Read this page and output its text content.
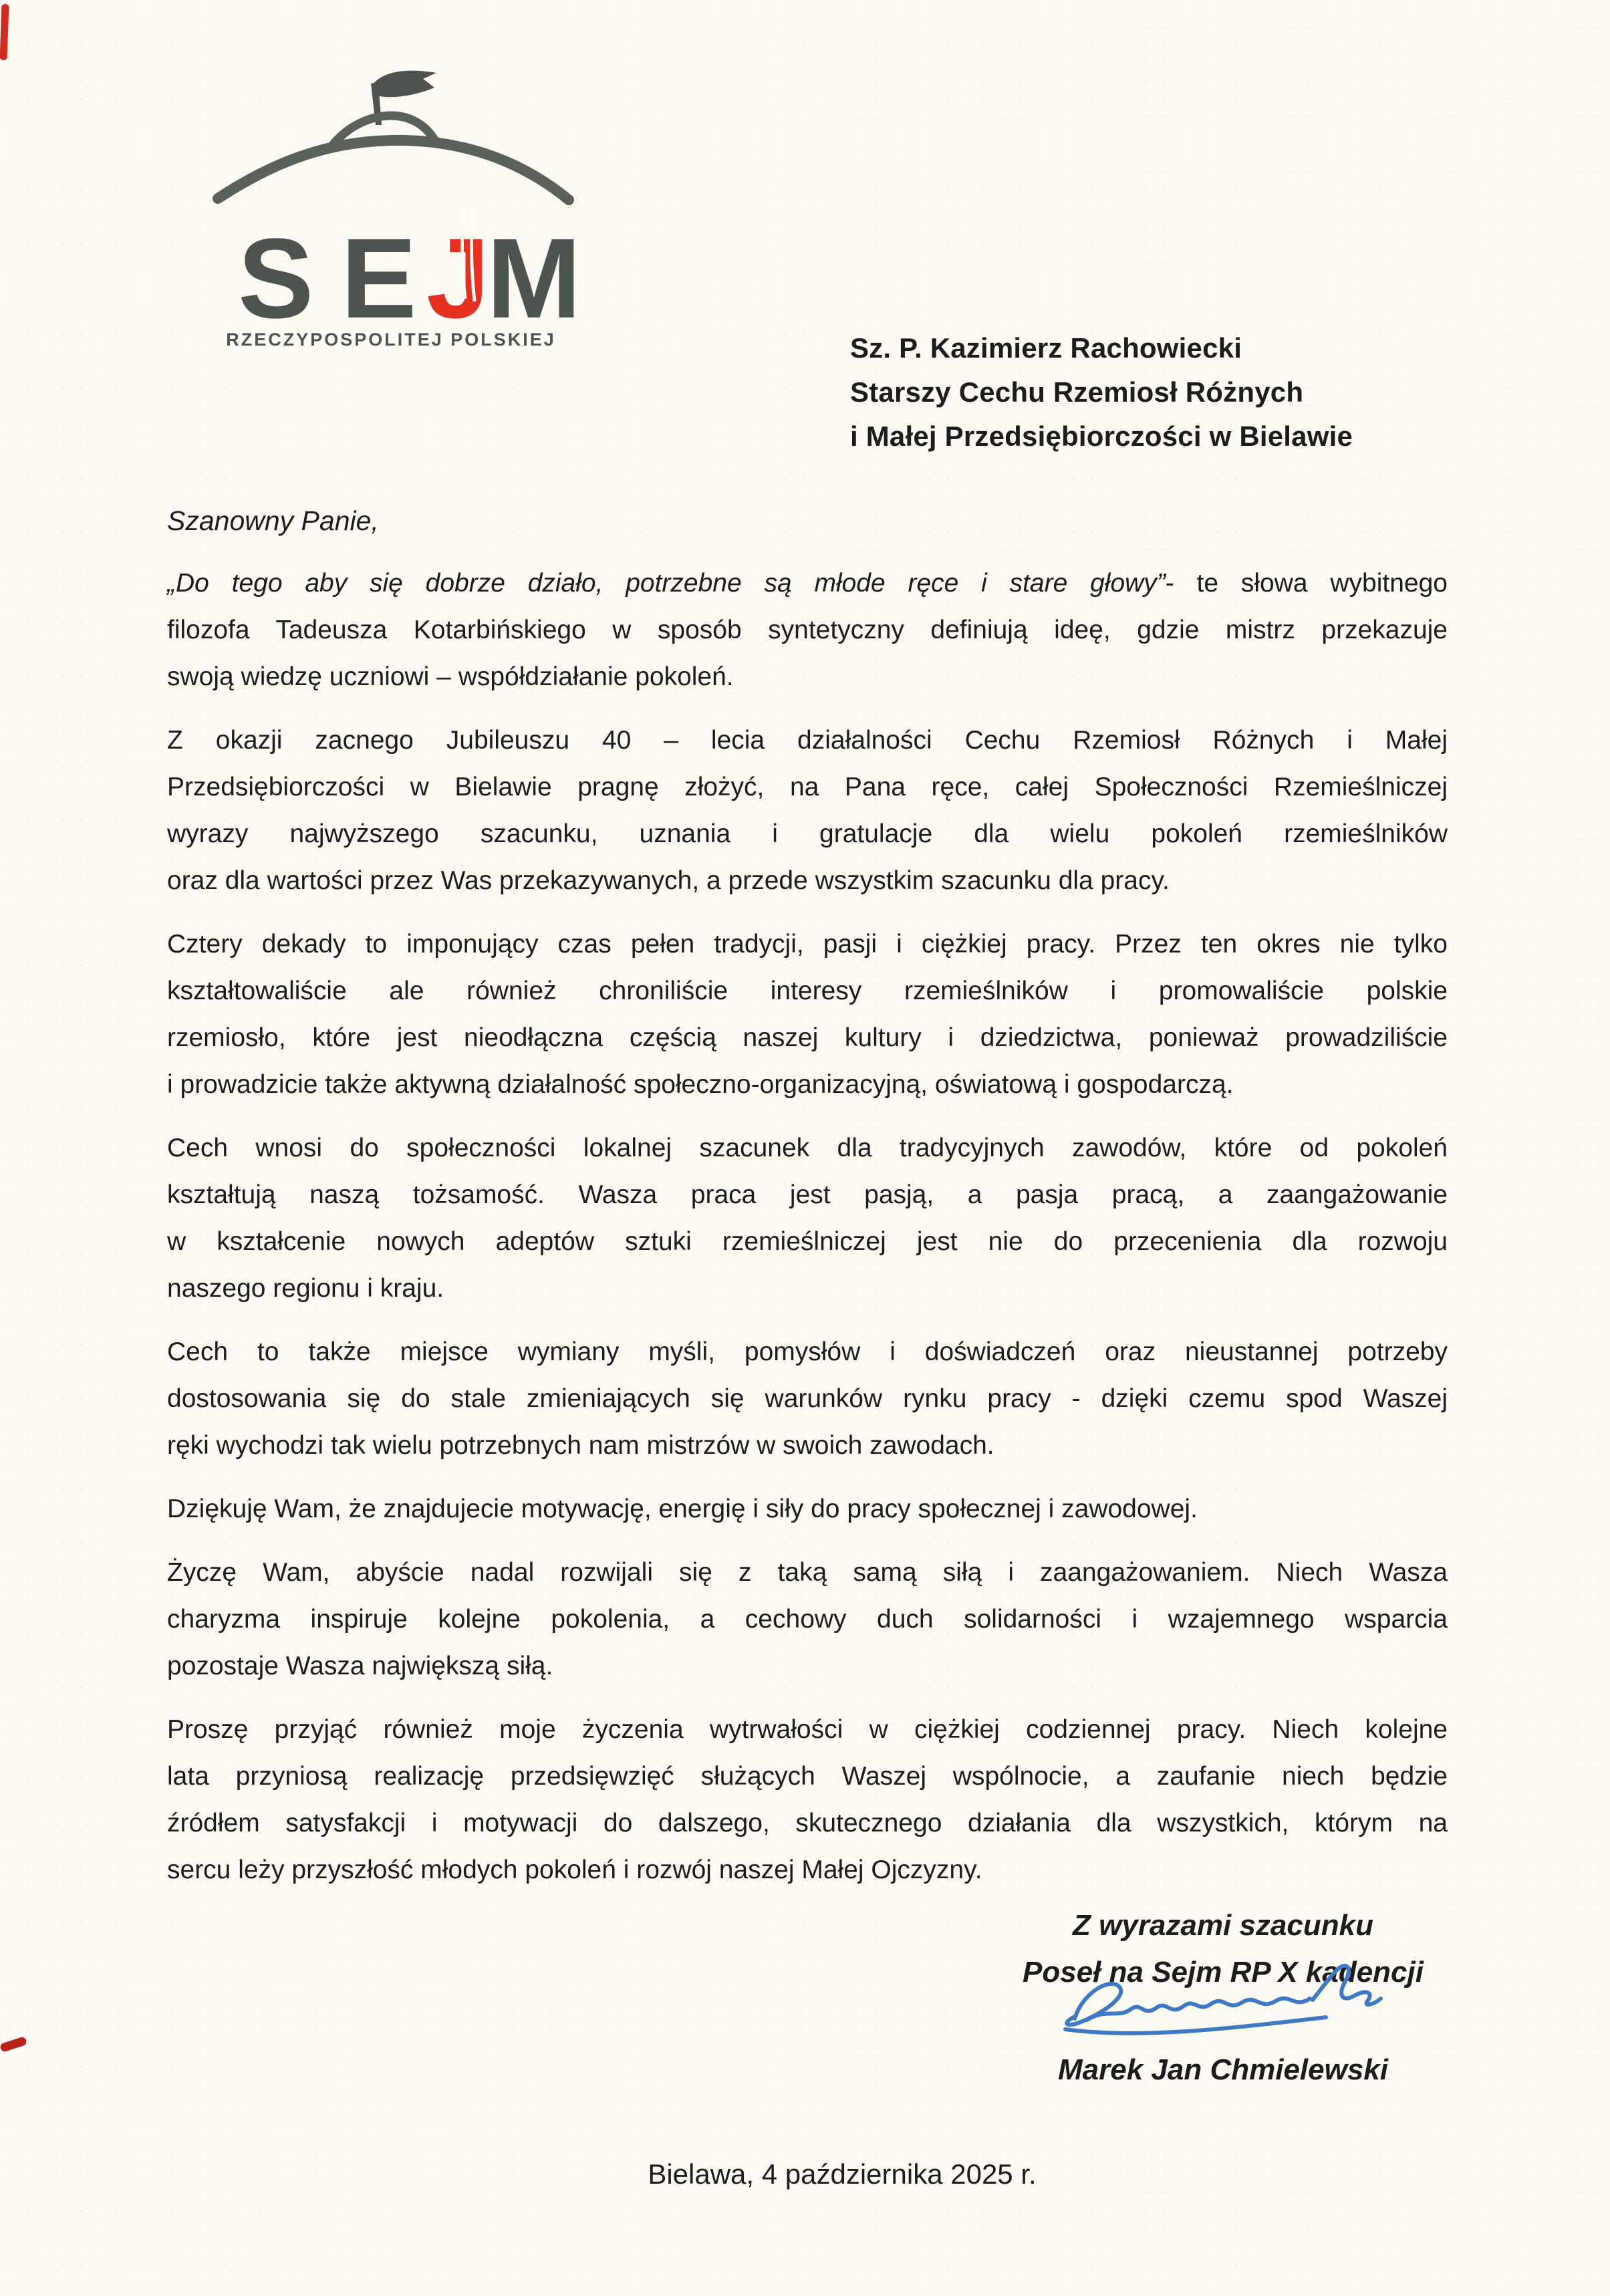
S E J
M
RZECZYPOSPOLITEJ POLSKIEJ	Sz. P. Kazimierz Rachowiecki
Starszy Cechu Rzemiosł Różnych
i Małej Przedsiębiorczości w Bielawie
Szanowny Panie,
„Do tego aby się dobrze działo, potrzebne są młode ręce i stare głowy”- te słowa wybitnego
filozofa Tadeusza Kotarbińskiego w sposób syntetyczny definiują ideę, gdzie mistrz przekazuje
swoją wiedzę uczniowi – współdziałanie pokoleń.
Z okazji zacnego Jubileuszu 40 – lecia działalności Cechu Rzemiosł Różnych i Małej
Przedsiębiorczości w Bielawie pragnę złożyć, na Pana ręce, całej Społeczności Rzemieślniczej
wyrazy najwyższego szacunku, uznania i gratulacje dla wielu pokoleń rzemieślników
oraz dla wartości przez Was przekazywanych, a przede wszystkim szacunku dla pracy.
Cztery dekady to imponujący czas pełen tradycji, pasji i ciężkiej pracy. Przez ten okres nie tylko
kształtowaliście ale również chroniliście interesy rzemieślników i promowaliście polskie
rzemiosło, które jest nieodłączna częścią naszej kultury i dziedzictwa, ponieważ prowadziliście
i prowadzicie także aktywną działalność społeczno-organizacyjną, oświatową i gospodarczą.
Cech wnosi do społeczności lokalnej szacunek dla tradycyjnych zawodów, które od pokoleń
kształtują naszą tożsamość. Wasza praca jest pasją, a pasja pracą, a zaangażowanie
w kształcenie nowych adeptów sztuki rzemieślniczej jest nie do przecenienia dla rozwoju
naszego regionu i kraju.
Cech to także miejsce wymiany myśli, pomysłów i doświadczeń oraz nieustannej potrzeby
dostosowania się do stale zmieniających się warunków rynku pracy - dzięki czemu spod Waszej
ręki wychodzi tak wielu potrzebnych nam mistrzów w swoich zawodach.
Dziękuję Wam, że znajdujecie motywację, energię i siły do pracy społecznej i zawodowej.
Życzę Wam, abyście nadal rozwijali się z taką samą siłą i zaangażowaniem. Niech Wasza
charyzma inspiruje kolejne pokolenia, a cechowy duch solidarności i wzajemnego wsparcia
pozostaje Wasza największą siłą.
Proszę przyjąć również moje życzenia wytrwałości w ciężkiej codziennej pracy. Niech kolejne
lata przyniosą realizację przedsięwzięć służących Waszej wspólnocie, a zaufanie niech będzie
źródłem satysfakcji i motywacji do dalszego, skutecznego działania dla wszystkich, którym na
sercu leży przyszłość młodych pokoleń i rozwój naszej Małej Ojczyzny.
Z wyrazami szacunku
Poseł na Sejm RP X kadencji
Marek Jan Chmielewski
Bielawa, 4 października 2025 r.
